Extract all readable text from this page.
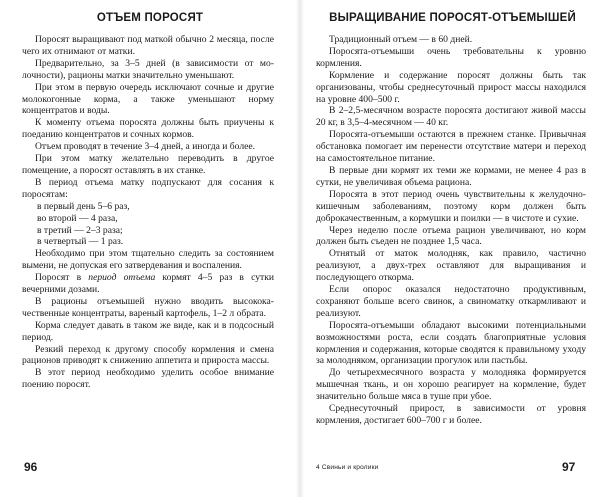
ОТЪЕМ ПОРОСЯТ

Поросят выращивают под маткой обычно 2 месяца, после чего их отнимают от матки.

Предварительно, за 3–5 дней (в зависимости от молочности), рационы матки значительно уменьшают.

При этом в первую очередь исключают сочные и другие молокогонные корма, а также уменьшают норму концентратов и воды.

К моменту отъема поросята должны быть приучены к поеданию концентратов и сочных кормов.

Отъем проводят в течение 3–4 дней, а иногда и более.

При этом матку желательно переводить в другое помещение, а поросят оставлять в их станке.

В период отъема матку подпускают для сосания к поросятам:

в первый день 5–6 раз,

во второй — 4 раза,

в третий — 2–3 раза;

в четвертый — 1 раз.

Необходимо при этом тщательно следить за состоянием вымени, не допуская его затвердевания и воспаления.

Поросят в период отъема кормят 4–5 раз в сутки вечерними дозами.

В рационы отъемышей нужно вводить высококачественные концентраты, вареный картофель, 1–2 л обрата.

Корма следует давать в таком же виде, как и в подсосный период.

Резкий переход к другому способу кормления и смена рационов приводят к снижению аппетита и прироста массы.

В этот период необходимо уделить особое внимание поению поросят.

96
ВЫРАЩИВАНИЕ ПОРОСЯТ-ОТЪЕМЫШЕЙ

Традиционный отъем — в 60 дней.

Поросята-отъемыши очень требовательны к уровню кормления.

Кормление и содержание поросят должны быть так организованы, чтобы среднесуточный прирост массы находился на уровне 400–500 г.

В 2–2,5-месячном возрасте поросята достигают живой массы 20 кг, в 3,5–4-месячном — 40 кг.

Поросята-отъемыши остаются в прежнем станке. Привычная обстановка помогает им перенести отсутствие матери и переход на самостоятельное питание.

В первые дни кормят их теми же кормами, не менее 4 раз в сутки, не увеличивая объема рациона.

Поросята в этот период очень чувствительны к желудочно-кишечным заболеваниям, поэтому корм должен быть доброкачественным, а кормушки и поилки — в чистоте и сухие.

Через неделю после отъема рацион увеличивают, но корм должен быть съеден не позднее 1,5 часа.

Отнятый от маток молодняк, как правило, частично реализуют, а двух-трех оставляют для выращивания и последующего откорма.

Если опорос оказался недостаточно продуктивным, сохраняют больше всего свинок, а свиноматку откармливают и реализуют.

Поросята-отъемыши обладают высокими потенциальными возможностями роста, если создать благоприятные условия кормления и содержания, которые сводятся к правильному уходу за молодняком, организации прогулок или пастьбы.

До четырехмесячного возраста у молодняка формируется мышечная ткань, и он хорошо реагирует на кормление, будет значительно больше мяса в туше при убое.

Среднесуточный прирост, в зависимости от уровня кормления, достигает 600–700 г и более.

4 Свиньи и кролики	97
